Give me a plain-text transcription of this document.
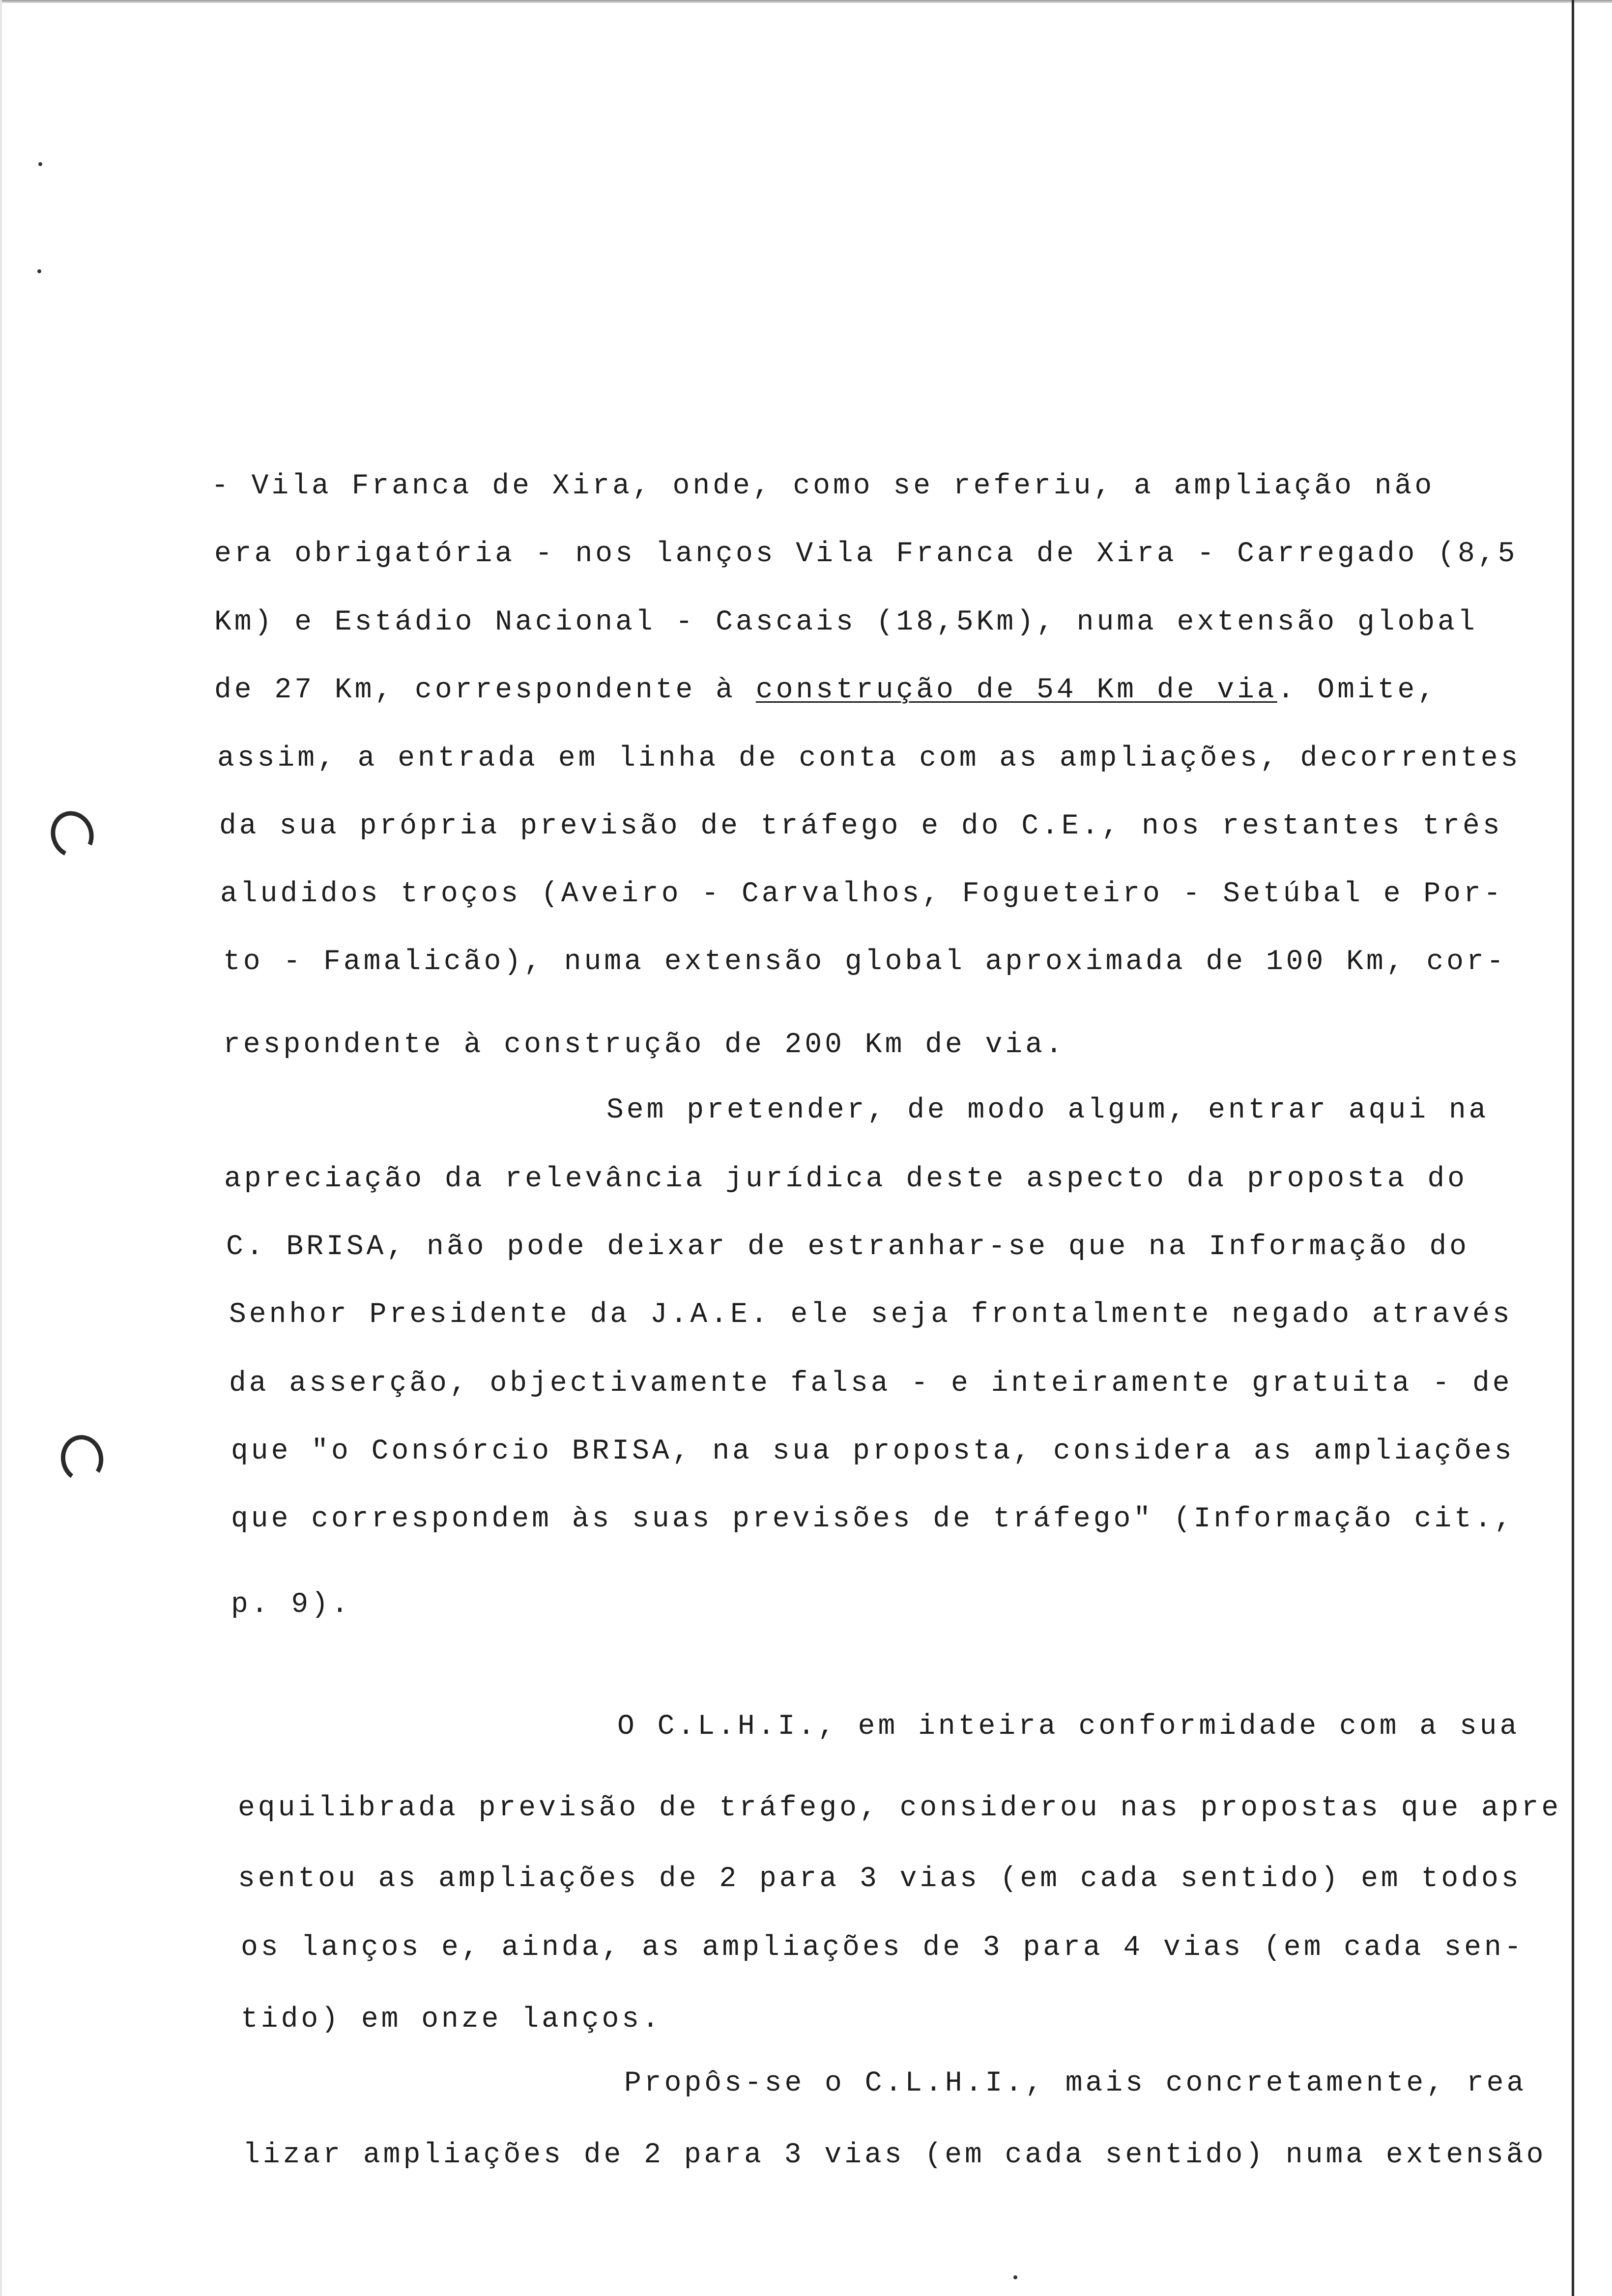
- Vila Franca de Xira, onde, como se referiu, a ampliação não
era obrigatória - nos lanços Vila Franca de Xira - Carregado (8,5
Km) e Estádio Nacional - Cascais (18,5Km), numa extensão global
de 27 Km, correspondente à construção de 54 Km de via. Omite,
assim, a entrada em linha de conta com as ampliações, decorrentes
da sua própria previsão de tráfego e do C.E., nos restantes três
aludidos troços (Aveiro - Carvalhos, Fogueteiro - Setúbal e Por-
to - Famalicão), numa extensão global aproximada de 100 Km, cor-
respondente à construção de 200 Km de via.
Sem pretender, de modo algum, entrar aqui na
apreciação da relevância jurídica deste aspecto da proposta do
C. BRISA, não pode deixar de estranhar-se que na Informação do
Senhor Presidente da J.A.E. ele seja frontalmente negado através
da asserção, objectivamente falsa - e inteiramente gratuita - de
que "o Consórcio BRISA, na sua proposta, considera as ampliações
que correspondem às suas previsões de tráfego" (Informação cit.,
p. 9).
O C.L.H.I., em inteira conformidade com a sua
equilibrada previsão de tráfego, considerou nas propostas que apre
sentou as ampliações de 2 para 3 vias (em cada sentido) em todos
os lanços e, ainda, as ampliações de 3 para 4 vias (em cada sen-
tido) em onze lanços.
Propôs-se o C.L.H.I., mais concretamente, rea
lizar ampliações de 2 para 3 vias (em cada sentido) numa extensão
